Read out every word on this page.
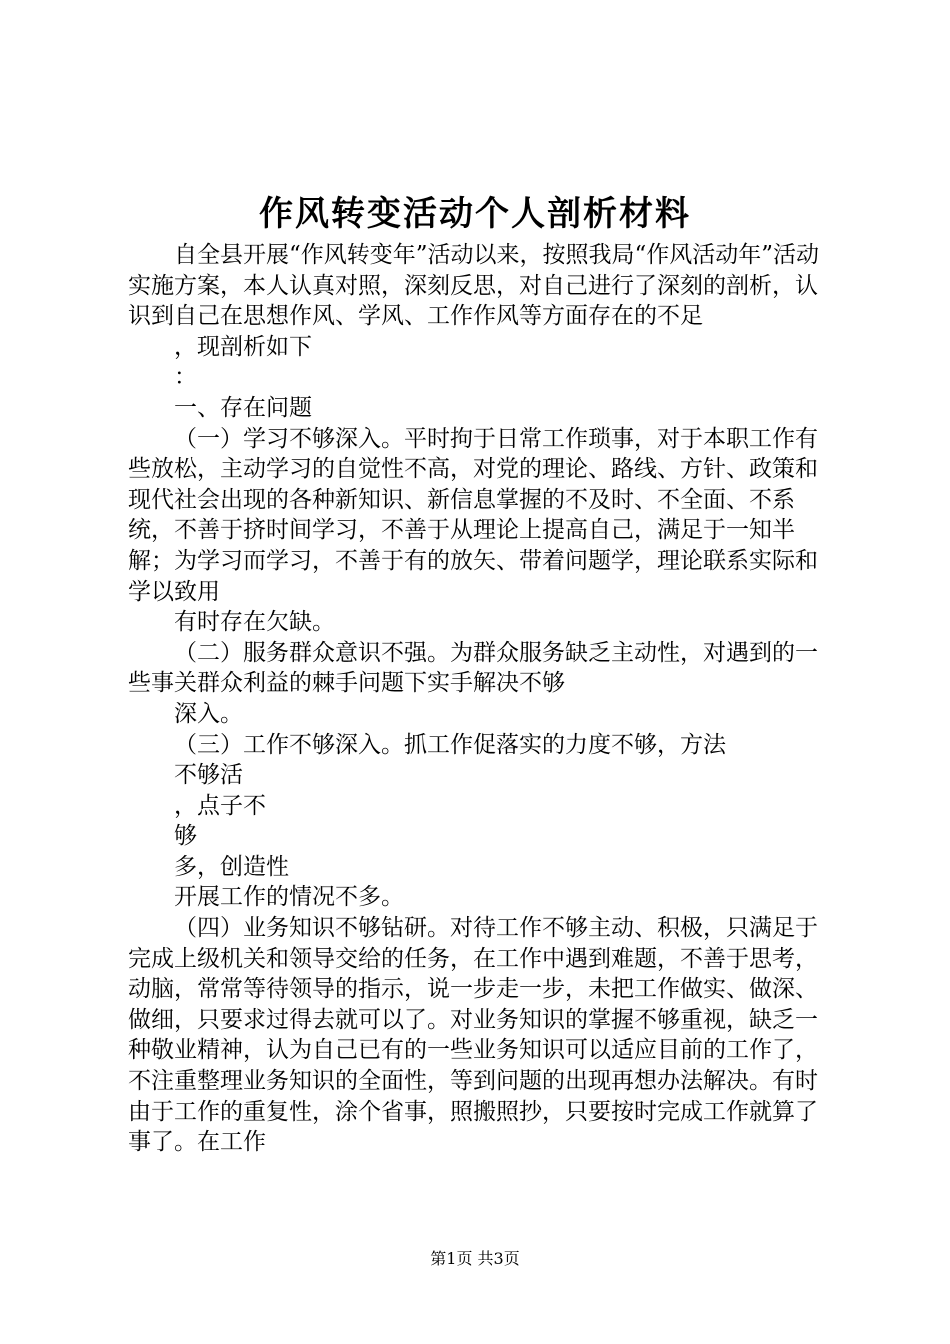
作风转变活动个人剖析材料

自全县开展“作风转变年”活动以来，按照我局“作风活动年”活动实施方案，本人认真对照，深刻反思，对自己进行了深刻的剖析，认识到自己在思想作风、学风、工作作风等方面存在的不足

，现剖析如下

：

一、存在问题

（一）学习不够深入。平时拘于日常工作琐事，对于本职工作有些放松，主动学习的自觉性不高，对党的理论、路线、方针、政策和现代社会出现的各种新知识、新信息掌握的不及时、不全面、不系统，不善于挤时间学习，不善于从理论上提高自己，满足于一知半解；为学习而学习，不善于有的放矢、带着问题学，理论联系实际和学以致用

有时存在欠缺。

（二）服务群众意识不强。为群众服务缺乏主动性，对遇到的一些事关群众利益的棘手问题下实手解决不够

深入。

（三）工作不够深入。抓工作促落实的力度不够，方法

不够活

，点子不

够

多，创造性

开展工作的情况不多。

（四）业务知识不够钻研。对待工作不够主动、积极，只满足于完成上级机关和领导交给的任务，在工作中遇到难题，不善于思考，动脑，常常等待领导的指示，说一步走一步，未把工作做实、做深、做细，只要求过得去就可以了。对业务知识的掌握不够重视，缺乏一种敬业精神，认为自己已有的一些业务知识可以适应目前的工作了，不注重整理业务知识的全面性，等到问题的出现再想办法解决。有时由于工作的重复性，涂个省事，照搬照抄，只要按时完成工作就算了事了。在工作

第1页 共3页
